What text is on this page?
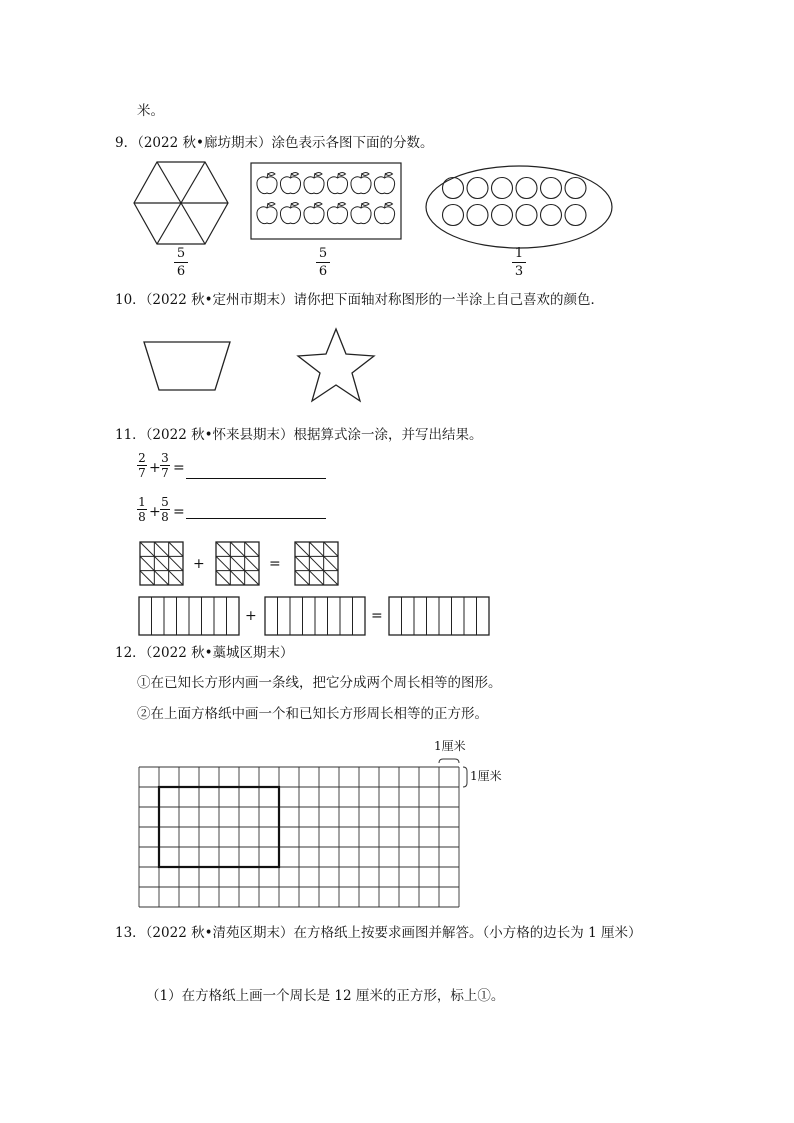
米。
9．（2022 秋•廊坊期末）涂色表示各图下面的分数。
5
6
5
6
1
3
10．（2022 秋•定州市期末）请你把下面轴对称图形的一半涂上自己喜欢的颜色．
11．（2022 秋•怀来县期末）根据算式涂一涂，并写出结果。
2
7 +
3
7 =
1
8 +
5
8 =
+	=
+	=
12．（2022 秋•藁城区期末）
①在已知长方形内画一条线，把它分成两个周长相等的图形。
②在上面方格纸中画一个和已知长方形周长相等的正方形。
1厘米
1厘米
13．（2022 秋•清苑区期末）在方格纸上按要求画图并解答。（小方格的边长为 1 厘米）
（1）在方格纸上画一个周长是 12 厘米的正方形，标上①。
